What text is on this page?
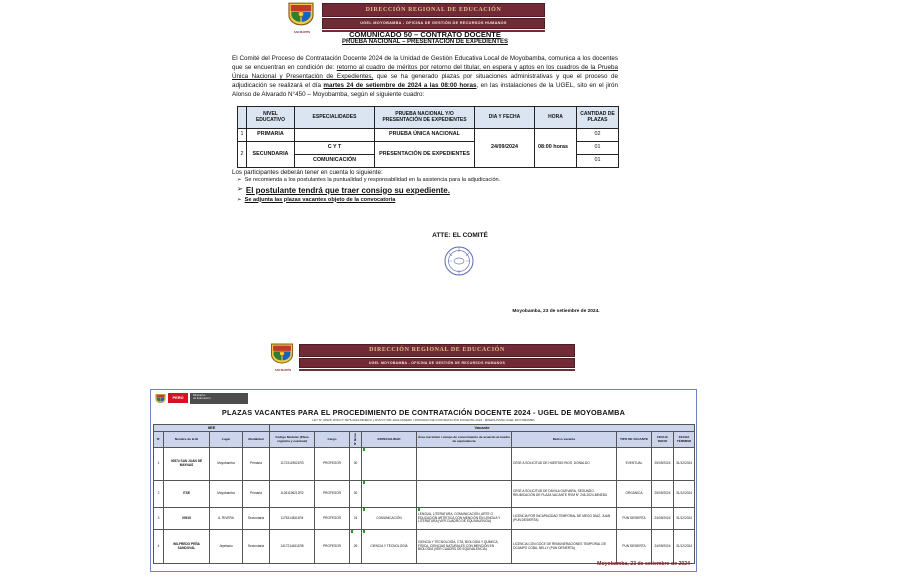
SAN MARTÍN
DIRECCIÓN REGIONAL DE EDUCACIÓN
UGEL MOYOBAMBA - OFICINA DE GESTIÓN DE RECURSOS HUMANOS
COMUNICADO 50 – CONTRATO DOCENTE
PRUEBA NACIONAL – PRESENTACIÓN DE EXPEDIENTES
El Comité del Proceso de Contratación Docente 2024 de la Unidad de Gestión Educativa Local de Moyobamba, comunica a los docentes que se encuentran en condición de: retorno al cuadro de méritos por retorno del titular, en espera y aptos en los cuadros de la Prueba Única Nacional y Presentación de Expedientes, que se ha generado plazas por situaciones administrativas y que el proceso de adjudicación se realizará el día martes 24 de setiembre de 2024 a las 08:00 horas, en las instalaciones de la UGEL, sito en el jirón Alonso de Alvarado N°450 – Moyobamba, según el siguiente cuadro:
	NIVEL EDUCATIVO	ESPECIALIDADES	PRUEBA NACIONAL Y/O PRESENTACIÓN DE EXPEDIENTES	DIA Y FECHA	HORA	CANTIDAD DE PLAZAS
1	PRIMARIA		PRUEBA ÚNICA NACIONAL	24/09/2024	08:00 horas	02
2	SECUNDARIA	C Y T	PRESENTACIÓN DE EXPEDIENTES			01
		COMUNICACIÓN				01
Los participantes deberán tener en cuenta lo siguiente:
➢ Se recomienda a los postulantes la puntualidad y responsabilidad en la asistencia para la adjudicación.
➢ El postulante tendrá que traer consigo su expediente.
➢ Se adjunta las plazas vacantes objeto de la convocatoria
ATTE: EL COMITÉ
Moyobamba, 23 de setiembre de 2024.
SAN MARTÍN
DIRECCIÓN REGIONAL DE EDUCACIÓN
UGEL MOYOBAMBA - OFICINA DE GESTIÓN DE RECURSOS HUMANOS
PERÚ	Ministerio
de Educación
PLAZAS VACANTES PARA EL PROCEDIMIENTO DE CONTRATACIÓN DOCENTE 2024 - UGEL DE MOYOBAMBA
LEY N° 30328, RVM N° 0075-2023-MINEDU y RVM N° 081-2024-MINEDU | PROCESO DE CONTRATACIÓN DOCENTE 2024 - MINEDU/VMGI-UGEL MOYOBAMBA
IIEE				Vacante								
N°	Nombre de la IE	Lugar	Modalidad	Código Modular (Plaza orgánica y eventual)	Cargo	N° Horas	ESPECIALIDAD	Área curricular / campo de conocimiento de acuerdo al cuadro de equivalencia	Motivo vacante	TIPO DE VACANTE	FECHA INICIO	FECHA TÉRMINO
1	00574 SAN JUAN DE MAYNAS	Moyobamba	Primaria	11723119621R3	PROFESOR	30			CESE A SOLICITUD DE HUERTAS RIOS, DONALDO	EVENTUAL	25/09/2024	31/12/2024
2	ITSE	Moyobamba	Primaria	11261196212R2	PROFESOR	30			CESE A SOLICITUD DE DÁVILA GUEVARA, SEGUNDO. REUBICACIÓN DE PLAZA VACANTE RVM N° 245-2024-MINEDU	ORGÁNICA	25/09/2024	31/12/2024
3	00915	A. RIVERA	Secundaria	11753148111R4	PROFESOR	24	COMUNICACIÓN	LENGUA, LITERATURA, COMUNICACIÓN, ARTE O EDUCACIÓN ARTÍSTICA CON MENCIÓN EN LENGUA Y LITERATURA (VER CUADRO DE EQUIVALENCIA)	LICENCIA POR INCAPACIDAD TEMPORAL DE MEGO DÍAZ, JUAN (PUN DESIERTA)	PUN DESIERTA	24/09/2024	31/12/2024
4	WILFREDO PEÑA SANDOVAL	Jepelacio	Secundaria	14172146111R8	PROFESOR	26	CIENCIA Y TECNOLOGÍA	CIENCIA Y TECNOLOGÍA, CTA, BIOLOGÍA Y QUÍMICA, FÍSICA, CIENCIAS NATURALES CON MENCIÓN EN BIOLOGÍA (VER CUADRO DE EQUIVALENCIA)	LICENCIA CON GOCE DE REMUNERACIONES TEMPORAL DE OCAMPO COBA, NELLY (PUN DESIERTA)	PUN DESIERTA	24/09/2024	31/12/2024
Moyobamba, 23 de setiembre de 2024
